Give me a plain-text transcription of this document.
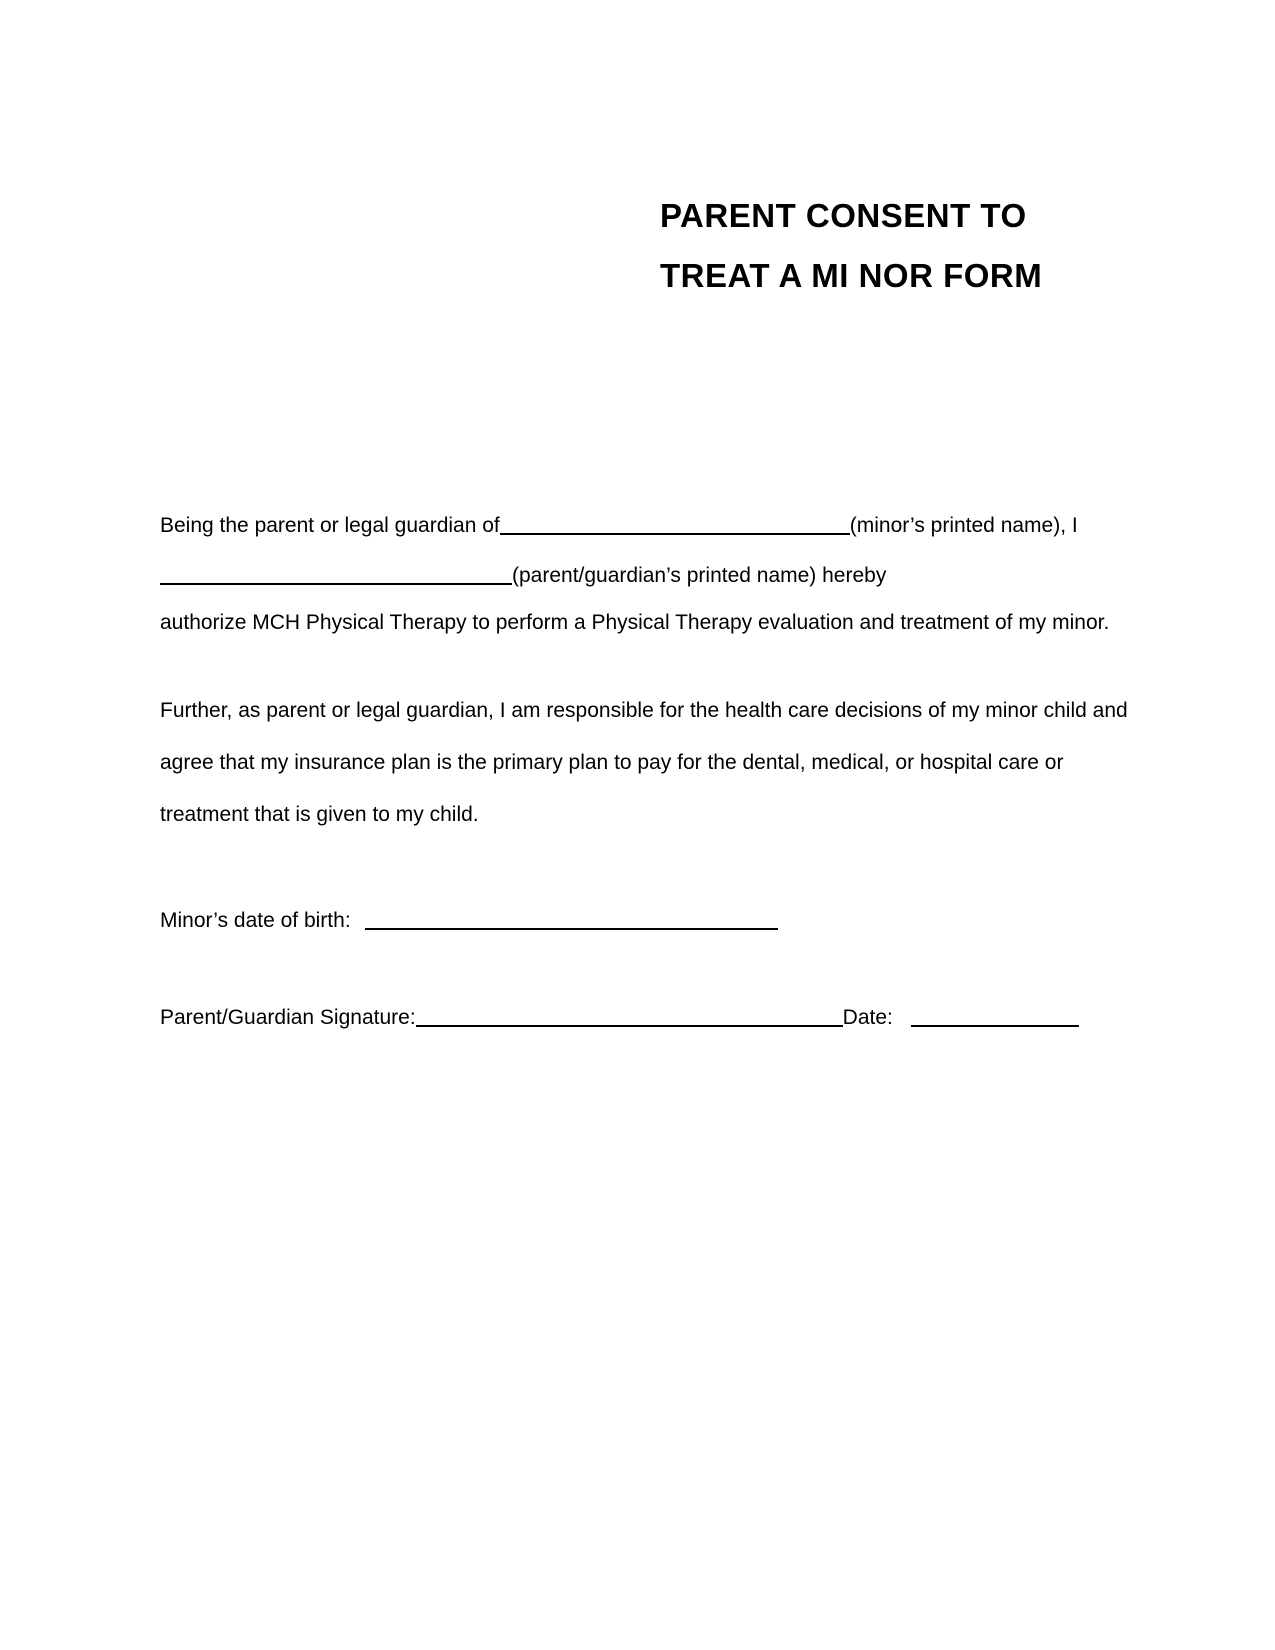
PARENT CONSENT TO
TREAT A MI NOR FORM
Being the parent or legal guardian of	(minor’s printed name), I
(parent/guardian’s printed name) hereby
authorize MCH Physical Therapy to perform a Physical Therapy evaluation and treatment of my minor.
Further, as parent or legal guardian, I am responsible for the health care decisions of my minor child and
agree that my insurance plan is the primary plan to pay for the dental, medical, or hospital care or
treatment that is given to my child.
Minor’s date of birth:
Parent/Guardian Signature:	Date:
